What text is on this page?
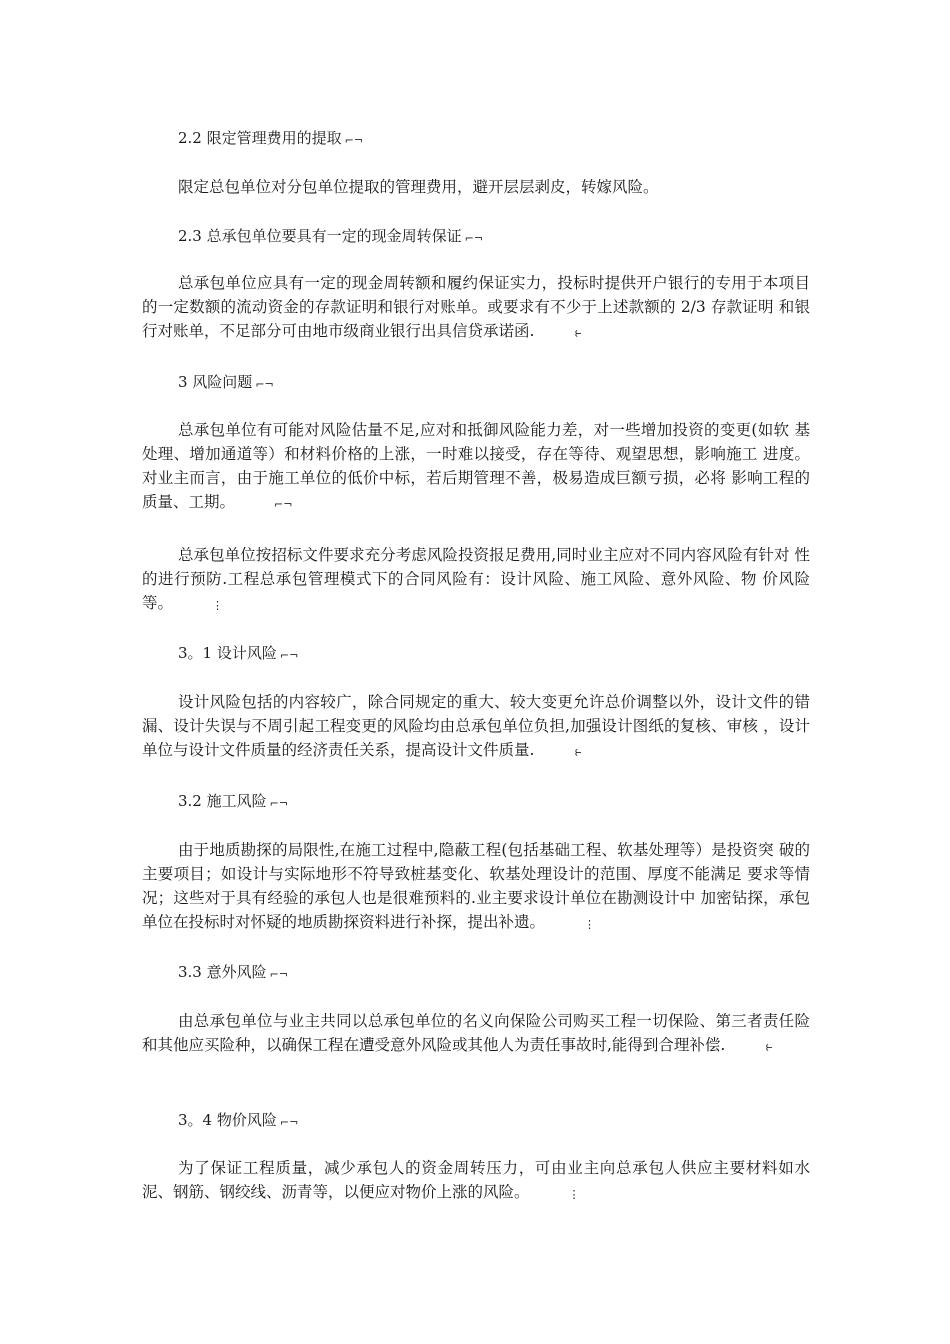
2.2 限定管理费用的提取 ⌐¬
限定总包单位对分包单位提取的管理费用，避开层层剥皮，转嫁风险。
2.3 总承包单位要具有一定的现金周转保证 ⌐¬
总承包单位应具有一定的现金周转额和履约保证实力，投标时提供开户银行的专用于本项目 的一定数额的流动资金的存款证明和银行对账单。或要求有不少于上述款额的 2/3 存款证明 和银行对账单，不足部分可由地市级商业银行出具信贷承诺函.	⥼
3 风险问题 ⌐¬
总承包单位有可能对风险估量不足,应对和抵御风险能力差，对一些增加投资的变更(如软 基处理、增加通道等）和材料价格的上涨，一时难以接受，存在等待、观望思想，影响施工 进度。对业主而言，由于施工单位的低价中标，若后期管理不善，极易造成巨额亏损，必将 影响工程的质量、工期。	⌐¬
总承包单位按招标文件要求充分考虑风险投资报足费用,同时业主应对不同内容风险有针对 性的进行预防.工程总承包管理模式下的合同风险有：设计风险、施工风险、意外风险、物 价风险等。	⋮
3。1 设计风险 ⌐¬
设计风险包括的内容较广，除合同规定的重大、较大变更允许总价调整以外，设计文件的错 漏、设计失误与不周引起工程变更的风险均由总承包单位负担,加强设计图纸的复核、审核 ，设计单位与设计文件质量的经济责任关系，提高设计文件质量.	⥼
3.2 施工风险 ⌐¬
由于地质勘探的局限性,在施工过程中,隐蔽工程(包括基础工程、软基处理等）是投资突 破的主要项目；如设计与实际地形不符导致桩基变化、软基处理设计的范围、厚度不能满足 要求等情况；这些对于具有经验的承包人也是很难预料的.业主要求设计单位在勘测设计中 加密钻探，承包单位在投标时对怀疑的地质勘探资料进行补探，提出补遗。	⋮
3.3 意外风险 ⌐¬
由总承包单位与业主共同以总承包单位的名义向保险公司购买工程一切保险、第三者责任险 和其他应买险种，以确保工程在遭受意外风险或其他人为责任事故时,能得到合理补偿.	⥼
3。4 物价风险 ⌐¬
为了保证工程质量，减少承包人的资金周转压力，可由业主向总承包人供应主要材料如水 泥、钢筋、钢绞线、沥青等，以便应对物价上涨的风险。	⋮
